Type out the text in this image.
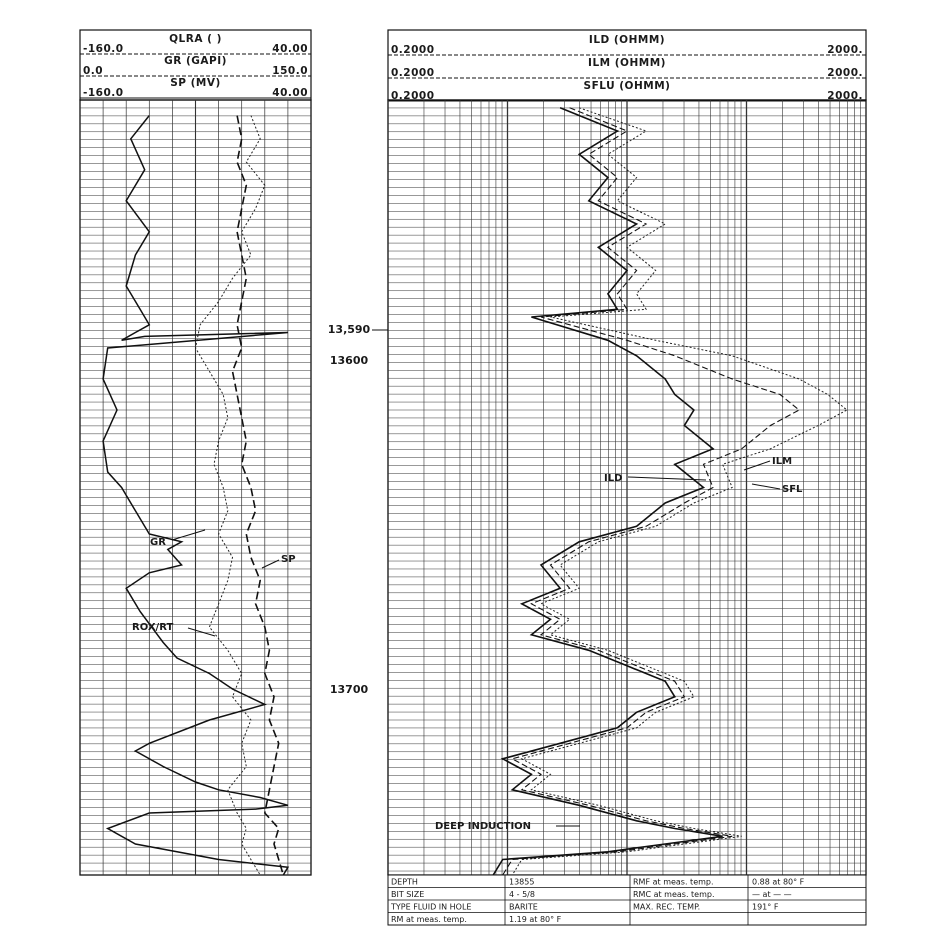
QLRA ( )
-160.0	40.00
GR (GAPI)
0.0	150.0
SP (MV)
-160.0	40.00
GR
SP
ROX/RT
ILD (OHMM)
0.2000	2000.
ILM (OHMM)
0.2000	2000.
SFLU (OHMM)
0.2000	2000.
ILD
ILM
SFL
DEEP INDUCTION
13,590
13600
13700
DEPTH	13855	RMF at meas. temp.	0.88 at 80° F
BIT SIZE	4 - 5/8	RMC at meas. temp.	— at — —
TYPE FLUID IN HOLE	BARITE	MAX. REC. TEMP.	191° F
RM at meas. temp.	1.19 at 80° F
